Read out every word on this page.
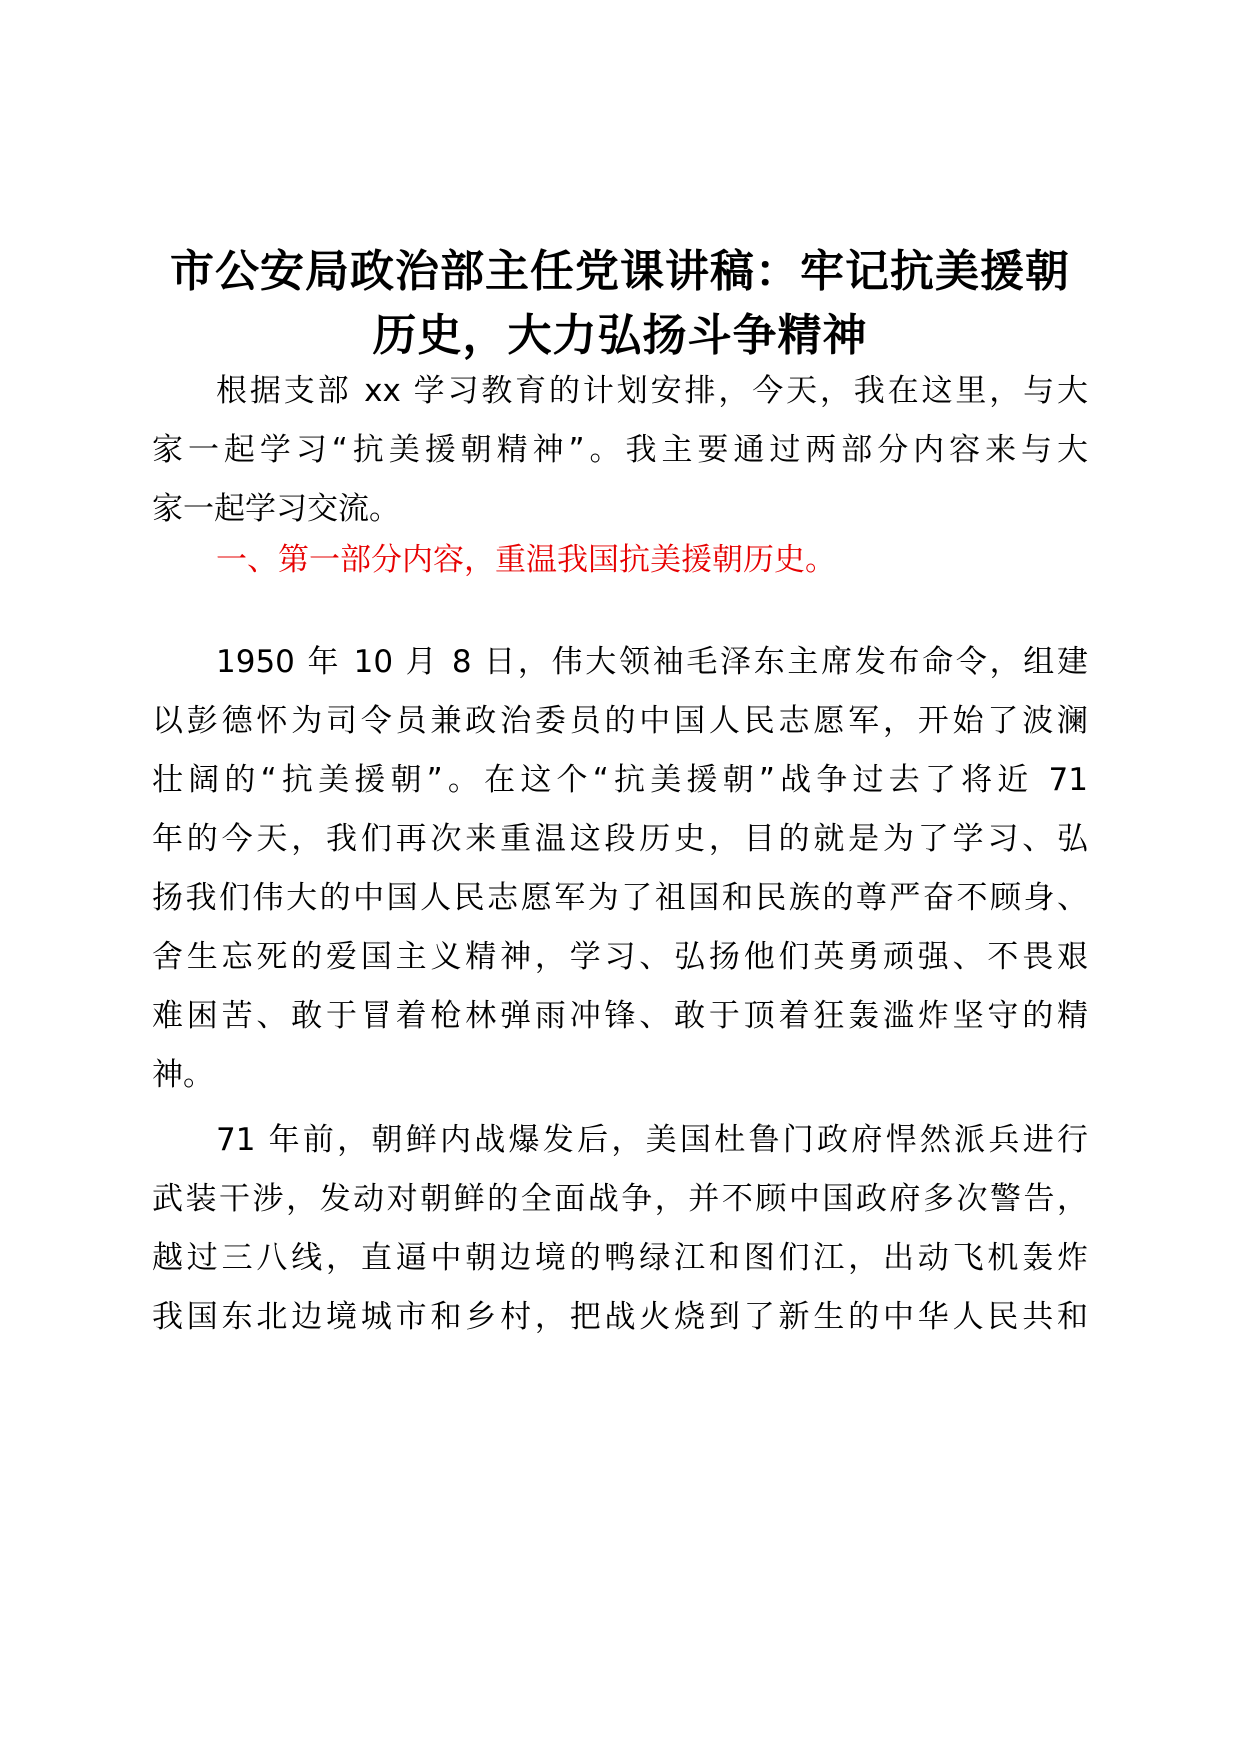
市公安局政治部主任党课讲稿：牢记抗美援朝
历史，大力弘扬斗争精神

根据支部 xx 学习教育的计划安排，今天，我在这里，与大
家一起学习“抗美援朝精神”。我主要通过两部分内容来与大
家一起学习交流。

一、第一部分内容，重温我国抗美援朝历史。

1950 年 10 月 8 日，伟大领袖毛泽东主席发布命令，组建
以彭德怀为司令员兼政治委员的中国人民志愿军，开始了波澜
壮阔的“抗美援朝”。在这个“抗美援朝”战争过去了将近 71
年的今天，我们再次来重温这段历史，目的就是为了学习、弘
扬我们伟大的中国人民志愿军为了祖国和民族的尊严奋不顾身、
舍生忘死的爱国主义精神，学习、弘扬他们英勇顽强、不畏艰
难困苦、敢于冒着枪林弹雨冲锋、敢于顶着狂轰滥炸坚守的精
神。

71 年前，朝鲜内战爆发后，美国杜鲁门政府悍然派兵进行
武装干涉，发动对朝鲜的全面战争，并不顾中国政府多次警告，
越过三八线，直逼中朝边境的鸭绿江和图们江，出动飞机轰炸
我国东北边境城市和乡村，把战火烧到了新生的中华人民共和
